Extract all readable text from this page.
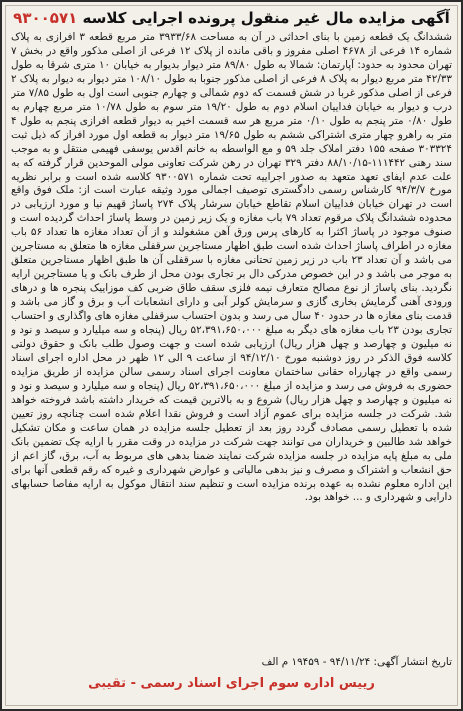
آگهی مزایده مال غیر منقول پرونده اجرایی کلاسه ۹۳۰۰۵۷۱

ششدانگ یک قطعه زمین با بنای احداثی در آن به مساحت ۳۹۳۳/۶۸ متر مربع قطعه ۳ افرازی به پلاک شماره ۱۴ فرعی از ۴۶۷۸ اصلی مفروز و باقی مانده از پلاک ۱۲ فرعی از اصلی مذکور واقع در بخش ۷ تهران محدود به حدود: آپارتمان: شمالا به طول ۸۹/۸۰ متر دیوار بدیوار به خیابان ۱۰ متری شرقا به طول ۴۲/۳۳ متر مربع دیوار به پلاک ۸ فرعی از اصلی مذکور جنوبا به طول ۱۰۸/۱۰ متر دیوار به دیوار به پلاک ۲ فرعی از اصلی مذکور غربا در شش قسمت که دوم شمالی و چهارم جنوبی است اول به طول ۷/۸۵ متر درب و دیوار به خیابان فداییان اسلام دوم به طول ۱۹/۲۰ متر سوم به طول ۱۰/۷۸ متر مربع چهارم به طول ۰/۸۰ متر پنجم به طول ۰/۱۰ متر مربع هر سه قسمت اخیر به دیوار قطعه افرازی پنجم به طول ۴ متر به راهرو چهار متری اشتراکی ششم به طول ۱۹/۶۵ متر دیوار به قطعه اول مورد افراز که ذیل ثبت ۳۰۳۳۲۴ صفحه ۱۵۵ دفتر املاک جلد ۵۹ و مع الواسطه به خانم اقدس یوسفی فهیمی منتقل و به موجب سند رهنی ۱۱۱۴۴۲-۸۸/۱۰/۱۵ دفتر ۳۲۹ تهران در رهن شرکت تعاونی مولی الموحدین قرار گرفته که به علت عدم ایفای تعهد متعهد به صدور اجراییه تحت شماره ۹۳۰۰۵۷۱ کلاسه شده است و برابر نظریه مورخ ۹۴/۳/۷ کارشناس رسمی دادگستری توصیف اجمالی مورد وثیقه عبارت است از: ملک فوق واقع است در تهران خیابان فداییان اسلام تقاطع خیابان سرشار پلاک ۲۷۴ پاساژ قهیم نیا و مورد ارزیابی در محدوده ششدانگ پلاک مرقوم تعداد ۷۹ باب مغازه و یک زیر زمین در وسط پاساژ احداث گردیده است و صنوف موجود در پاساژ اکثرا به کارهای پرس ورق آهن مشغولند و از آن تعداد مغازه ها تعداد ۵۶ باب مغازه در اطراف پاساژ احداث شده است طبق اظهار مستاجرین سرقفلی مغازه ها متعلق به مستاجرین می باشد و آن تعداد ۲۳ باب در زیر زمین تحتانی مغازه با سرقفلی آن ها طبق اظهار مستاجرین متعلق به موجر می باشد و در این خصوص مدرکی دال بر تجاری بودن محل از طرف بانک و یا مستاجرین ارایه نگردید. بنای پاساژ از نوع مصالح متعارف نیمه فلزی سقف طاق ضربی کف موزاییک پنجره ها و درهای ورودی آهنی گرمایش بخاری گازی و سرمایش کولر آبی و دارای انشعابات آب و برق و گاز می باشد و قدمت بنای مغازه ها در حدود ۴۰ سال می رسد و بدون احتساب سرقفلی مغازه های واگذاری و احتساب تجاری بودن ۲۳ باب مغازه های دیگر به مبلغ ۵۲،۳۹۱،۶۵۰،۰۰۰ ریال (پنجاه و سه میلیارد و سیصد و نود و نه میلیون و چهارصد و چهل هزار ریال) ارزیابی شده است و جهت وصول طلب بانک و حقوق دولتی کلاسه فوق الذکر در روز دوشنبه مورخ ۹۴/۱۲/۱۰ از ساعت ۹ الی ۱۲ ظهر در محل اداره اجرای اسناد رسمی واقع در چهارراه حقانی ساختمان معاونت اجرای اسناد رسمی سالن مزایده از طریق مزایده حضوری به فروش می رسد و مزایده از مبلغ ۵۲،۳۹۱،۶۵۰،۰۰۰ ریال (پنجاه و سه میلیارد و سیصد و نود و نه میلیون و چهارصد و چهل هزار ریال) شروع و به بالاترین قیمت که خریدار داشته باشد فروخته خواهد شد. شرکت در جلسه مزایده برای عموم آزاد است و فروش نقدا اعلام شده است چنانچه روز تعیین شده با تعطیل رسمی مصادف گردد روز بعد از تعطیل جلسه مزایده در همان ساعت و مکان تشکیل خواهد شد طالبین و خریداران می توانند جهت شرکت در مزایده در وقت مقرر با ارایه چک تضمین بانک ملی به مبلغ پایه مزایده در جلسه مزایده شرکت نمایند ضمنا بدهی های مربوط به آب، برق، گاز اعم از حق انشعاب و اشتراک و مصرف و نیز بدهی مالیاتی و عوارض شهرداری و غیره که رقم قطعی آنها برای این اداره معلوم نشده به عهده برنده مزایده است و تنظیم سند انتقال موکول به ارایه مفاصا حسابهای دارایی و شهرداری و ... خواهد بود.

تاریخ انتشار آگهی: ۹۴/۱۱/۲۴ - ۱۹۴۵۹ م الف
رییس اداره سوم اجرای اسناد رسمی - تقیبی
